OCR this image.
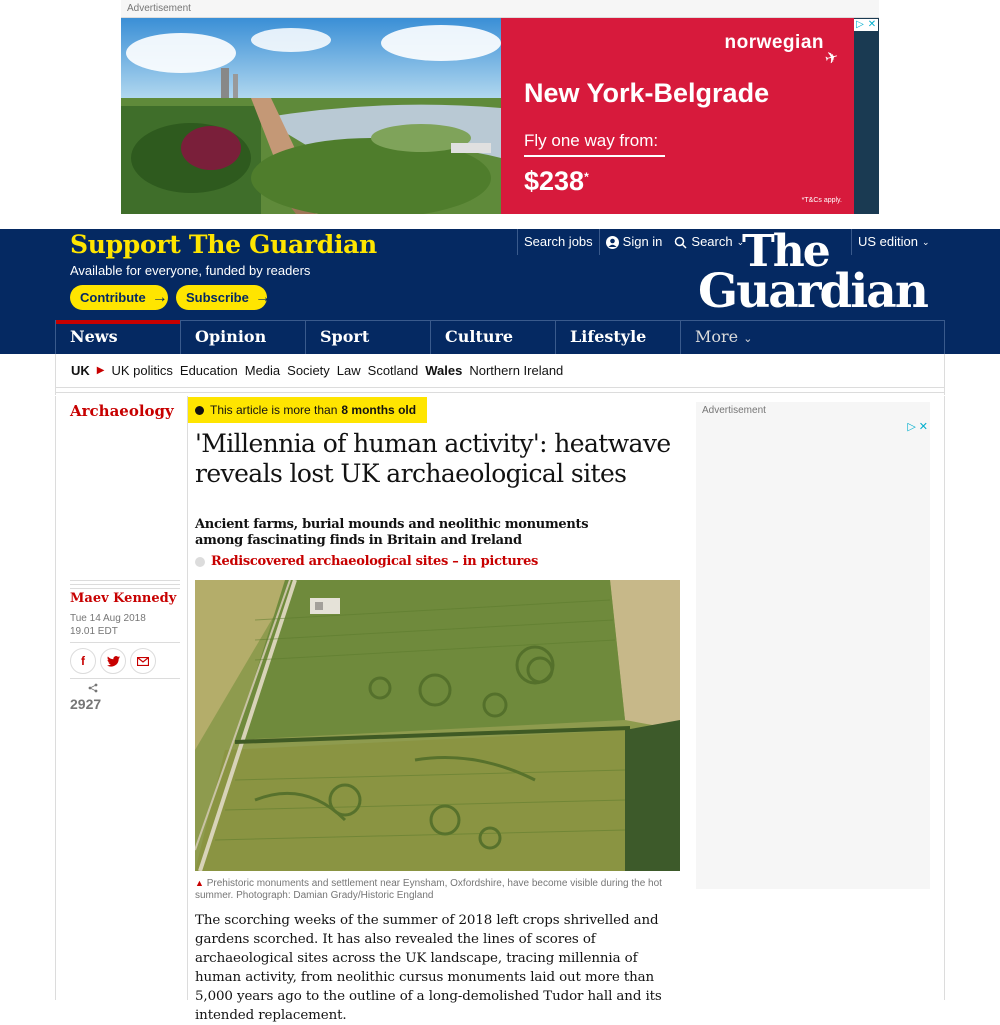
Advertisement
norwegian
✈
New York-Belgrade
Fly one way from:
$238*
*T&Cs apply.
▷ ✕
Support The Guardian
Available for everyone, funded by readers
Contribute → Subscribe →
Search jobs Sign in Search ⌄	US edition ⌄
The
Guardian
News	Opinion	Sport	Culture	Lifestyle	More ⌄
UK ▶ UK politics Education Media Society Law Scotland Wales Northern Ireland
Archaeology	This article is more than 8 months old
'Millennia of human activity': heatwave reveals lost UK archaeological sites
Ancient farms, burial mounds and neolithic monuments among fascinating finds in Britain and Ireland
Rediscovered archaeological sites – in pictures
Maev Kennedy
Tue 14 Aug 2018
19.01 EDT
f
2927
▲ Prehistoric monuments and settlement near Eynsham, Oxfordshire, have become visible during the hot summer. Photograph: Damian Grady/Historic England

The scorching weeks of the summer of 2018 left crops shrivelled and gardens scorched. It has also revealed the lines of scores of archaeological sites across the UK landscape, tracing millennia of human activity, from neolithic cursus monuments laid out more than 5,000 years ago to the outline of a long-demolished Tudor hall and its intended replacement.

Advertisement
▷ ✕
